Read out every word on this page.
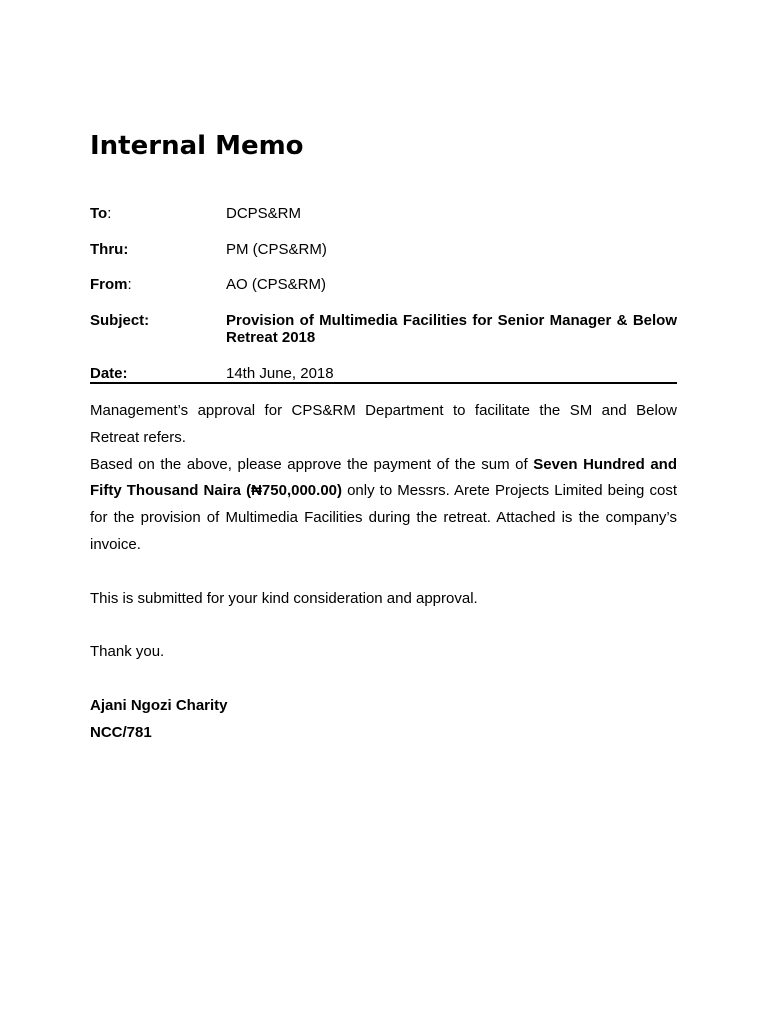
Internal Memo
To:	DCPS&RM
Thru:	PM (CPS&RM)
From:	AO (CPS&RM)
Subject:	Provision of Multimedia Facilities for Senior Manager & Below Retreat 2018
Date:	14th June, 2018

Management’s approval for CPS&RM Department to facilitate the SM and Below Retreat refers.

Based on the above, please approve the payment of the sum of Seven Hundred and Fifty Thousand Naira (₦750,000.00) only to Messrs. Arete Projects Limited being cost for the provision of Multimedia Facilities during the retreat. Attached is the company’s invoice.

This is submitted for your kind consideration and approval.

Thank you.

Ajani Ngozi Charity

NCC/781
